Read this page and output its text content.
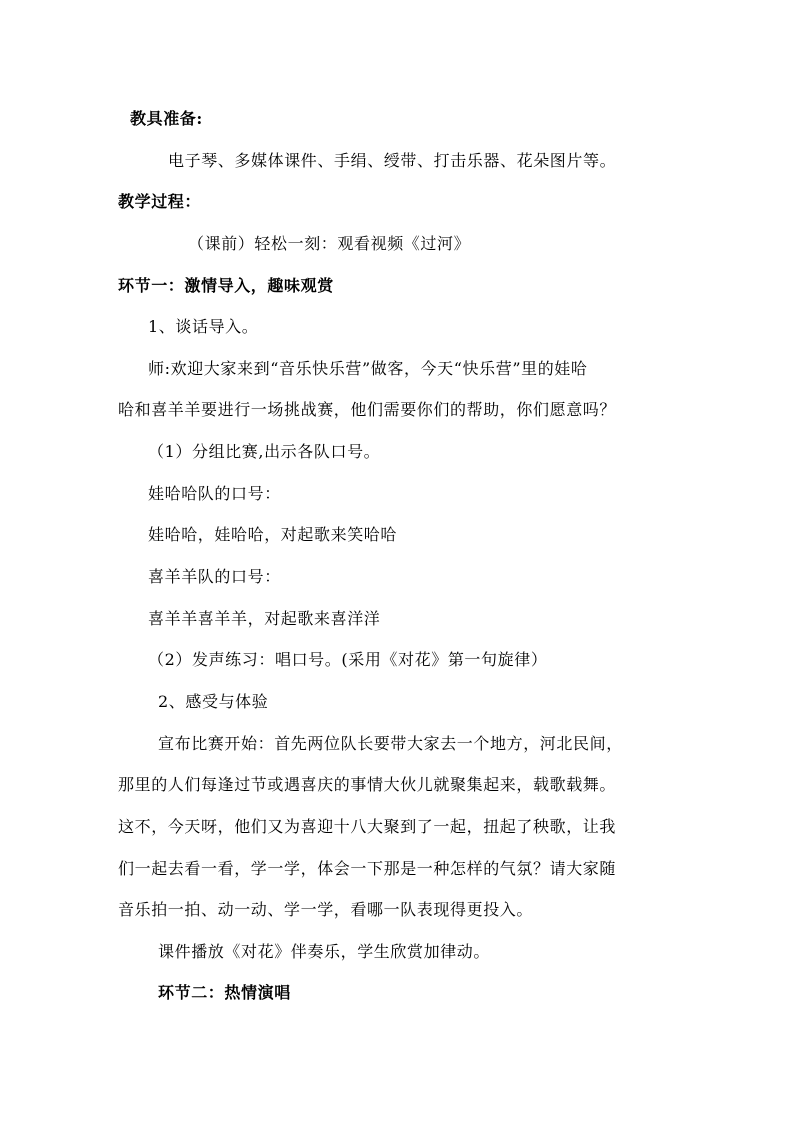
教具准备:
电子琴、多媒体课件、手绢、绶带、打击乐器、花朵图片等。
教学过程：
（课前）轻松一刻：观看视频《过河》
环节一：激情导入，趣味观赏
1、谈话导入。
师:欢迎大家来到“音乐快乐营”做客，今天“快乐营”里的娃哈
哈和喜羊羊要进行一场挑战赛，他们需要你们的帮助，你们愿意吗？
（1）分组比赛,出示各队口号。
娃哈哈队的口号：
娃哈哈，娃哈哈，对起歌来笑哈哈
喜羊羊队的口号：
喜羊羊喜羊羊，对起歌来喜洋洋
（2）发声练习：唱口号。(采用《对花》第一句旋律）
2、感受与体验
宣布比赛开始：首先两位队长要带大家去一个地方，河北民间，
那里的人们每逢过节或遇喜庆的事情大伙儿就聚集起来，载歌载舞。
这不，今天呀，他们又为喜迎十八大聚到了一起，扭起了秧歌，让我
们一起去看一看，学一学，体会一下那是一种怎样的气氛？请大家随
音乐拍一拍、动一动、学一学，看哪一队表现得更投入。
课件播放《对花》伴奏乐，学生欣赏加律动。
环节二：热情演唱
